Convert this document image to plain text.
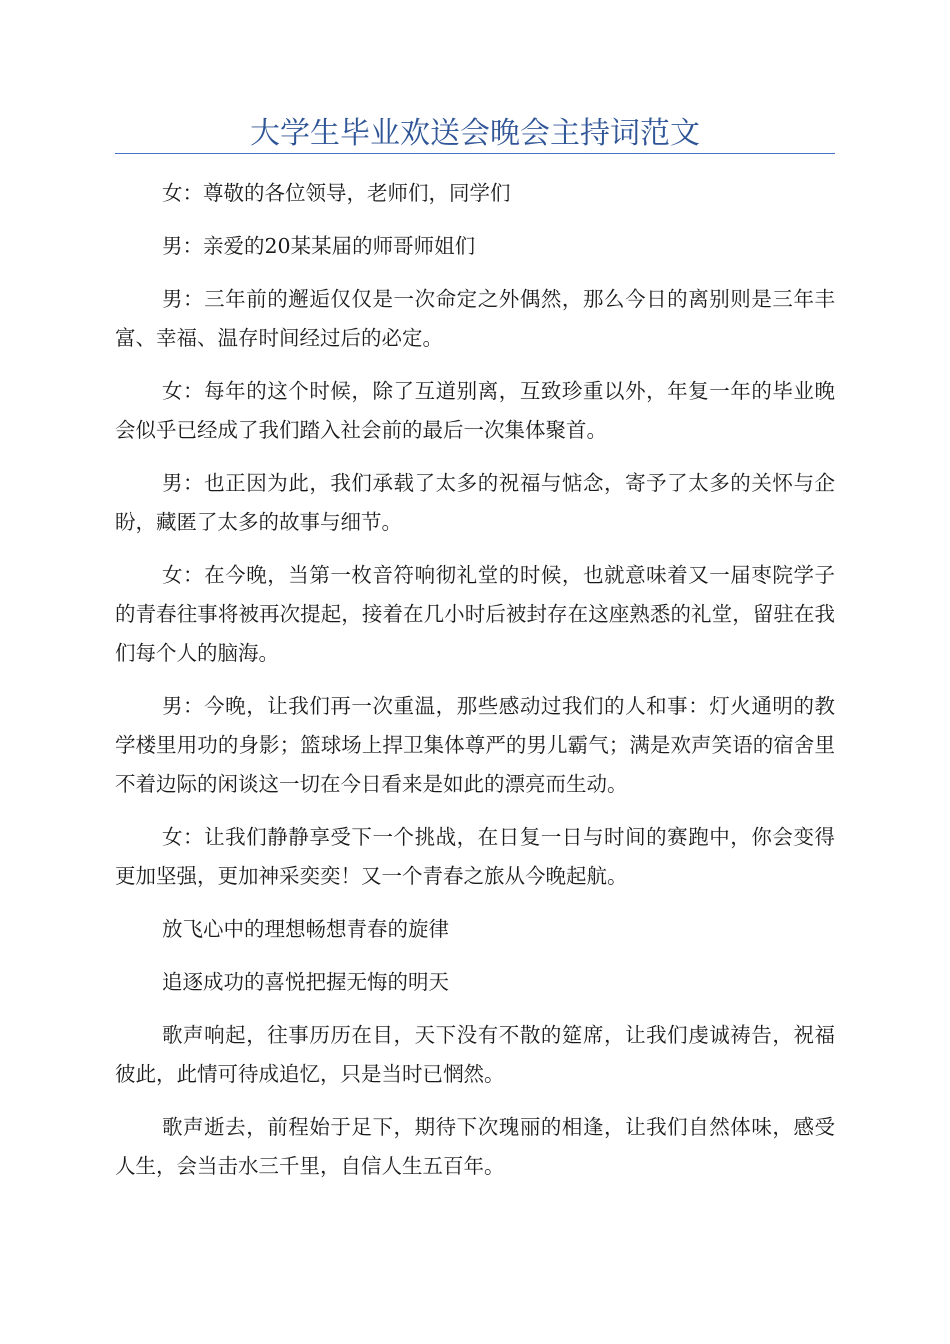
大学生毕业欢送会晚会主持词范文

女：尊敬的各位领导，老师们，同学们

男：亲爱的20某某届的师哥师姐们

男：三年前的邂逅仅仅是一次命定之外偶然，那么今日的离别则是三年丰富、幸福、温存时间经过后的必定。

女：每年的这个时候，除了互道别离，互致珍重以外，年复一年的毕业晚会似乎已经成了我们踏入社会前的最后一次集体聚首。

男：也正因为此，我们承载了太多的祝福与惦念，寄予了太多的关怀与企盼，藏匿了太多的故事与细节。

女：在今晚，当第一枚音符响彻礼堂的时候，也就意味着又一届枣院学子的青春往事将被再次提起，接着在几小时后被封存在这座熟悉的礼堂，留驻在我们每个人的脑海。

男：今晚，让我们再一次重温，那些感动过我们的人和事：灯火通明的教学楼里用功的身影；篮球场上捍卫集体尊严的男儿霸气；满是欢声笑语的宿舍里不着边际的闲谈这一切在今日看来是如此的漂亮而生动。

女：让我们静静享受下一个挑战，在日复一日与时间的赛跑中，你会变得更加坚强，更加神采奕奕！又一个青春之旅从今晚起航。

放飞心中的理想畅想青春的旋律

追逐成功的喜悦把握无悔的明天

歌声响起，往事历历在目，天下没有不散的筵席，让我们虔诚祷告，祝福彼此，此情可待成追忆，只是当时已惘然。

歌声逝去，前程始于足下，期待下次瑰丽的相逢，让我们自然体味，感受人生，会当击水三千里，自信人生五百年。
